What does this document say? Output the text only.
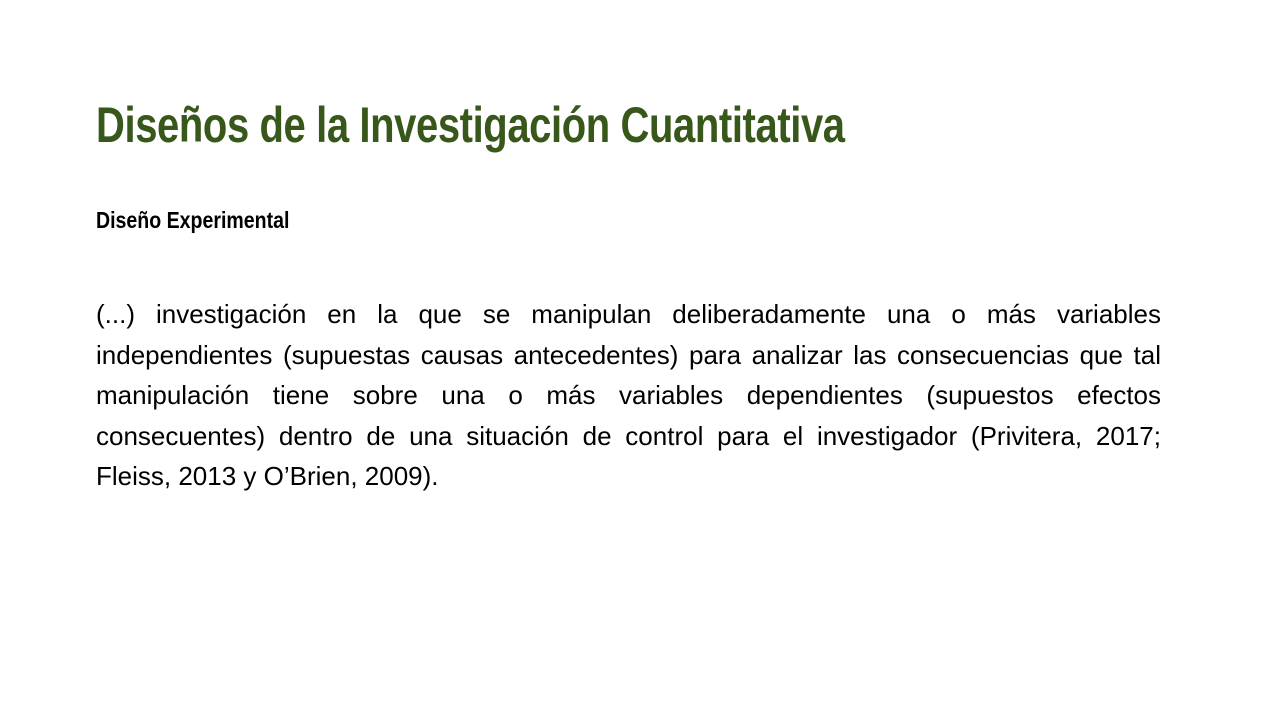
Diseños de la Investigación Cuantitativa

Diseño Experimental

(...) investigación en la que se manipulan deliberadamente una o más variables independientes (supuestas causas antecedentes) para analizar las consecuencias que tal manipulación tiene sobre una o más variables dependientes (supuestos efectos consecuentes) dentro de una situación de control para el investigador (Privitera, 2017; Fleiss, 2013 y O’Brien, 2009).
